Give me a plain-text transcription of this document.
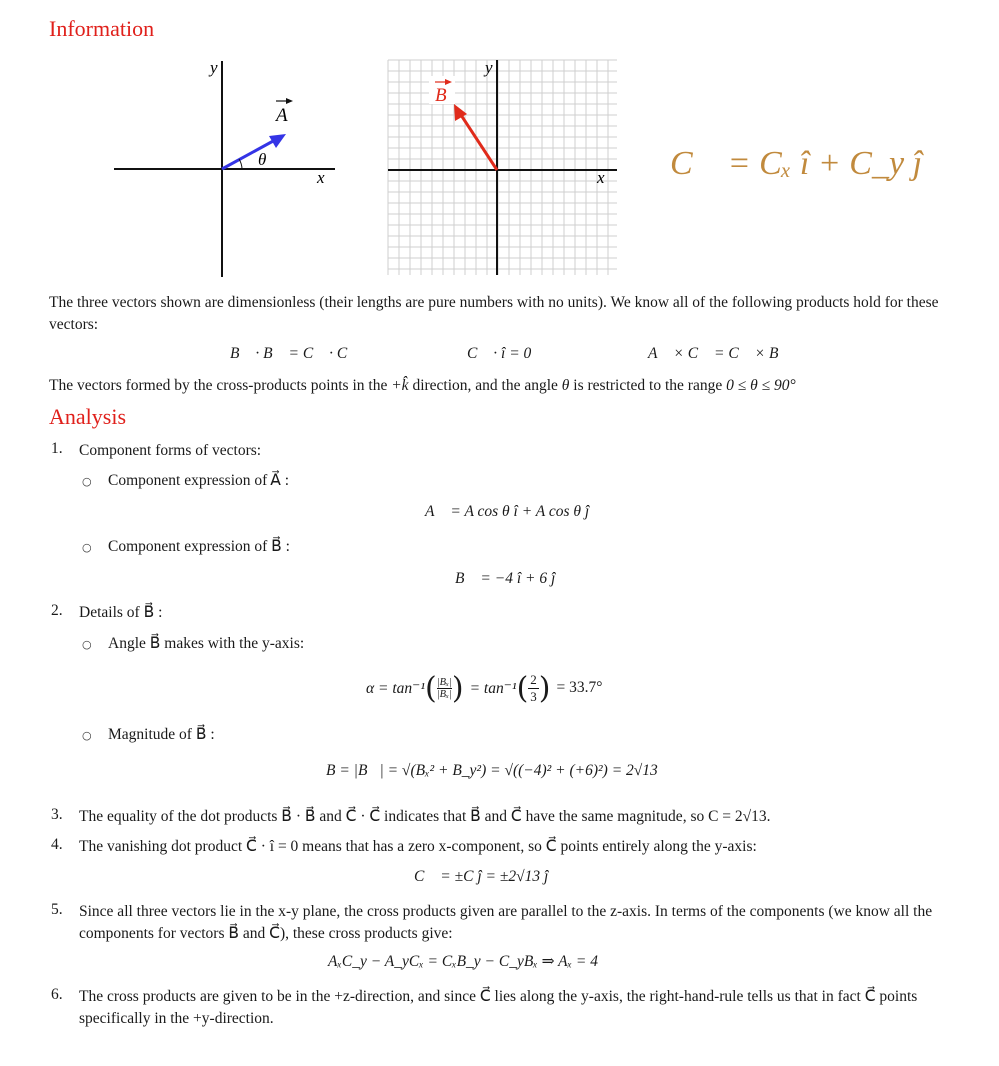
Information
y
x
θ
A
y
x
B
C⃗ = Cₓ î + C_y ĵ
The three vectors shown are dimensionless (their lengths are pure numbers with no units). We know all of the following products hold for these vectors:
B⃗ · B⃗ = C⃗ · C⃗	C⃗ · î = 0	A⃗ × C⃗ = C⃗ × B⃗
The vectors formed by the cross-products points in the +k̂ direction, and the angle θ is restricted to the range 0 ≤ θ ≤ 90°
Analysis
1. Component forms of vectors:
○ Component expression of A⃗ :
A⃗ = A cos θ î + A cos θ ĵ
○ Component expression of B⃗ :
B⃗ = −4 î + 6 ĵ
2. Details of B⃗ :
○ Angle B⃗ makes with the y-axis:
α = tan⁻¹ ( |Bₓ|
|Bₓ| ) = tan⁻¹ ( 2
3 ) = 33.7°
○ Magnitude of B⃗ :
B = |B⃗| = √(Bₓ² + B_y²) = √((−4)² + (+6)²) = 2√13
3. The equality of the dot products B⃗ · B⃗ and C⃗ · C⃗ indicates that B⃗ and C⃗ have the same magnitude, so C = 2√13.
4. The vanishing dot product C⃗ · î = 0 means that has a zero x-component, so C⃗ points entirely along the y-axis:
C⃗ = ±C ĵ = ±2√13 ĵ
5. Since all three vectors lie in the x-y plane, the cross products given are parallel to the z-axis. In terms of the components (we know all the components for vectors B⃗ and C⃗), these cross products give:
AₓC_y − A_yCₓ = CₓB_y − C_yBₓ ⇒ Aₓ = 4
6. The cross products are given to be in the +z-direction, and since C⃗ lies along the y-axis, the right-hand-rule tells us that in fact C⃗ points specifically in the +y-direction.
